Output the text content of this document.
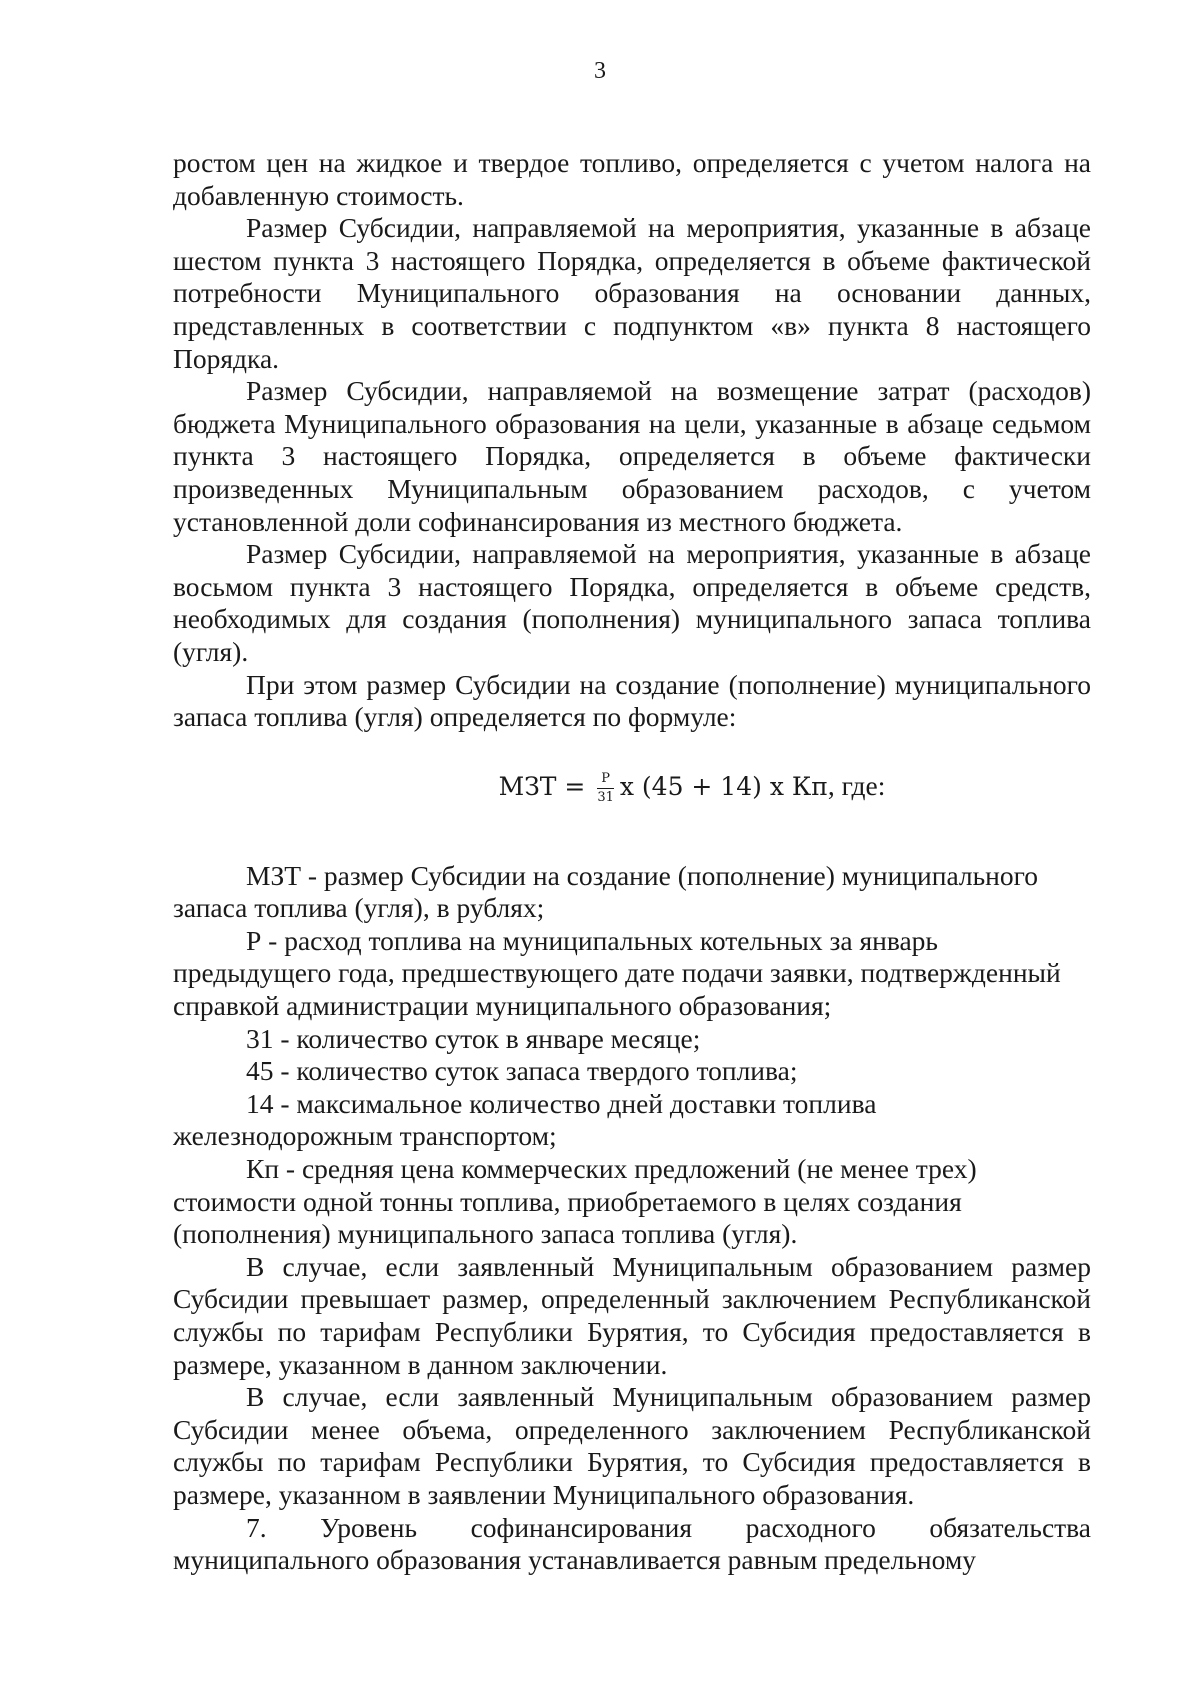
3

ростом цен на жидкое и твердое топливо, определяется с учетом налога на добавленную стоимость.

Размер Субсидии, направляемой на мероприятия, указанные в абзаце шестом пункта 3 настоящего Порядка, определяется в объеме фактической потребности Муниципального образования на основании данных, представленных в соответствии с подпунктом «в» пункта 8 настоящего Порядка.

Размер Субсидии, направляемой на возмещение затрат (расходов) бюджета Муниципального образования на цели, указанные в абзаце седьмом пункта 3 настоящего Порядка, определяется в объеме фактически произведенных Муниципальным образованием расходов, с учетом установленной доли софинансирования из местного бюджета.

Размер Субсидии, направляемой на мероприятия, указанные в абзаце восьмом пункта 3 настоящего Порядка, определяется в объеме средств, необходимых для создания (пополнения) муниципального запаса топлива (угля).

При этом размер Субсидии на создание (пополнение) муниципального запаса топлива (угля) определяется по формуле:

МЗТ = $\frac{Р}{31}$ x (45 + 14) x Кп, где:

МЗТ - размер Субсидии на создание (пополнение) муниципального запаса топлива (угля), в рублях;

Р - расход топлива на муниципальных котельных за январь предыдущего года, предшествующего дате подачи заявки, подтвержденный справкой администрации муниципального образования;

31 - количество суток в январе месяце;

45 - количество суток запаса твердого топлива;

14 - максимальное количество дней доставки топлива железнодорожным транспортом;

Кп - средняя цена коммерческих предложений (не менее трех) стоимости одной тонны топлива, приобретаемого в целях создания (пополнения) муниципального запаса топлива (угля).

В случае, если заявленный Муниципальным образованием размер Субсидии превышает размер, определенный заключением Республиканской службы по тарифам Республики Бурятия, то Субсидия предоставляется в размере, указанном в данном заключении.

В случае, если заявленный Муниципальным образованием размер Субсидии менее объема, определенного заключением Республиканской службы по тарифам Республики Бурятия, то Субсидия предоставляется в размере, указанном в заявлении Муниципального образования.

7. Уровень софинансирования расходного обязательства муниципального образования устанавливается равным предельному
